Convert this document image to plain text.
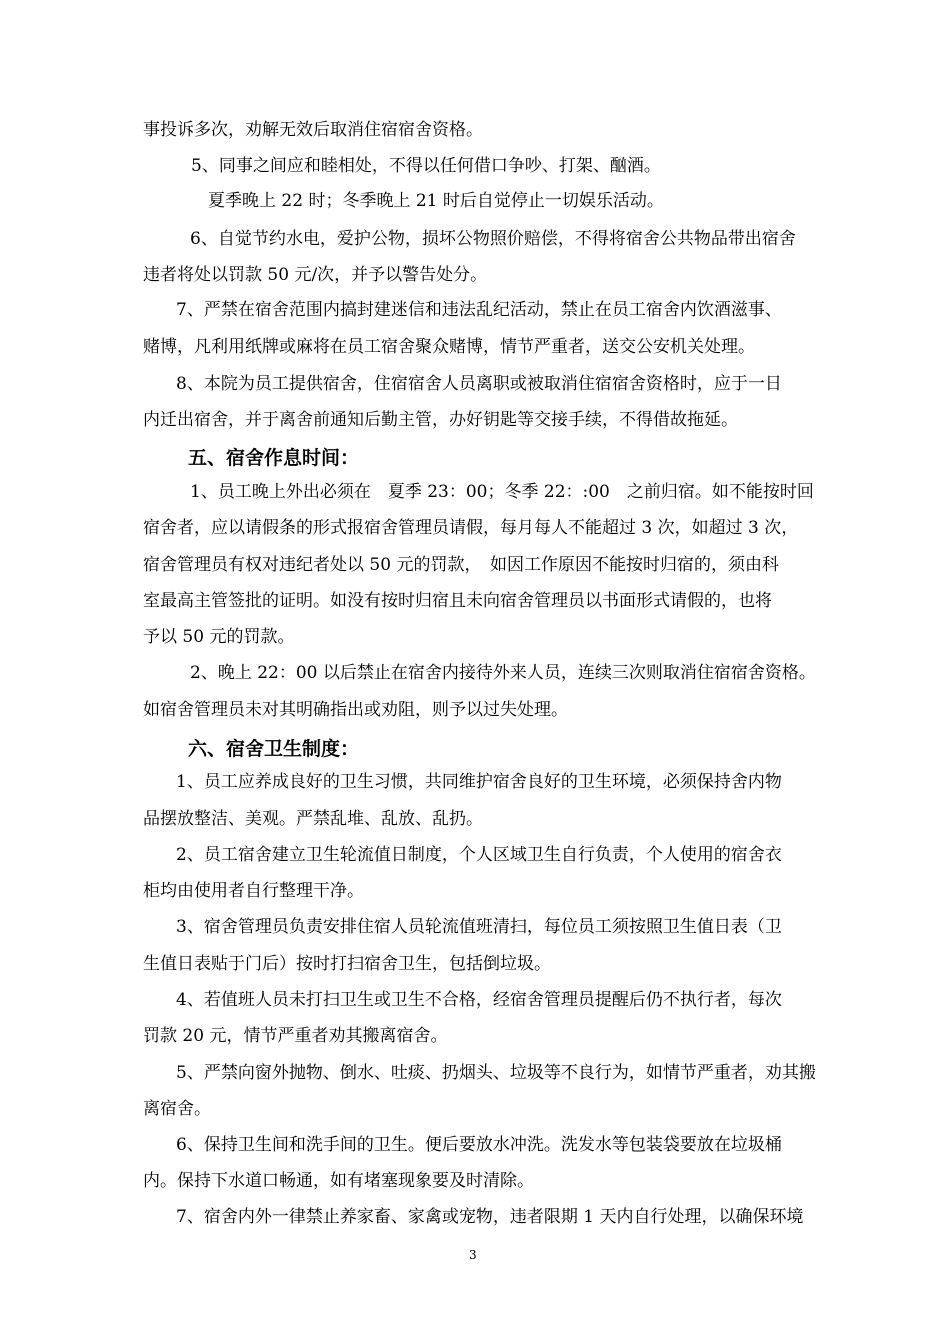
事投诉多次，劝解无效后取消住宿宿舍资格。
5、同事之间应和睦相处，不得以任何借口争吵、打架、酗酒。
夏季晚上 22 时；冬季晚上 21 时后自觉停止一切娱乐活动。
6、自觉节约水电，爱护公物，损坏公物照价赔偿，不得将宿舍公共物品带出宿舍
违者将处以罚款 50 元/次，并予以警告处分。
7、严禁在宿舍范围内搞封建迷信和违法乱纪活动，禁止在员工宿舍内饮酒滋事、
赌博，凡利用纸牌或麻将在员工宿舍聚众赌博，情节严重者，送交公安机关处理。
8、本院为员工提供宿舍，住宿宿舍人员离职或被取消住宿宿舍资格时，应于一日
内迁出宿舍，并于离舍前通知后勤主管，办好钥匙等交接手续，不得借故拖延。
五、宿舍作息时间：
1、员工晚上外出必须在　夏季 23：00；冬季 22：:00　之前归宿。如不能按时回
宿舍者，应以请假条的形式报宿舍管理员请假，每月每人不能超过 3 次，如超过 3 次，
宿舍管理员有权对违纪者处以 50 元的罚款，　如因工作原因不能按时归宿的，须由科
室最高主管签批的证明。如没有按时归宿且未向宿舍管理员以书面形式请假的，也将
予以 50 元的罚款。
2、晚上 22：00 以后禁止在宿舍内接待外来人员，连续三次则取消住宿宿舍资格。
如宿舍管理员未对其明确指出或劝阻，则予以过失处理。
六、宿舍卫生制度：
1、员工应养成良好的卫生习惯，共同维护宿舍良好的卫生环境，必须保持舍内物
品摆放整洁、美观。严禁乱堆、乱放、乱扔。
2、员工宿舍建立卫生轮流值日制度，个人区域卫生自行负责，个人使用的宿舍衣
柜均由使用者自行整理干净。
3、宿舍管理员负责安排住宿人员轮流值班清扫，每位员工须按照卫生值日表（卫
生值日表贴于门后）按时打扫宿舍卫生，包括倒垃圾。
4、若值班人员未打扫卫生或卫生不合格，经宿舍管理员提醒后仍不执行者，每次
罚款 20 元，情节严重者劝其搬离宿舍。
5、严禁向窗外抛物、倒水、吐痰、扔烟头、垃圾等不良行为，如情节严重者，劝其搬
离宿舍。
6、保持卫生间和洗手间的卫生。便后要放水冲洗。洗发水等包装袋要放在垃圾桶
内。保持下水道口畅通，如有堵塞现象要及时清除。
7、宿舍内外一律禁止养家畜、家禽或宠物，违者限期 1 天内自行处理，以确保环境
3
